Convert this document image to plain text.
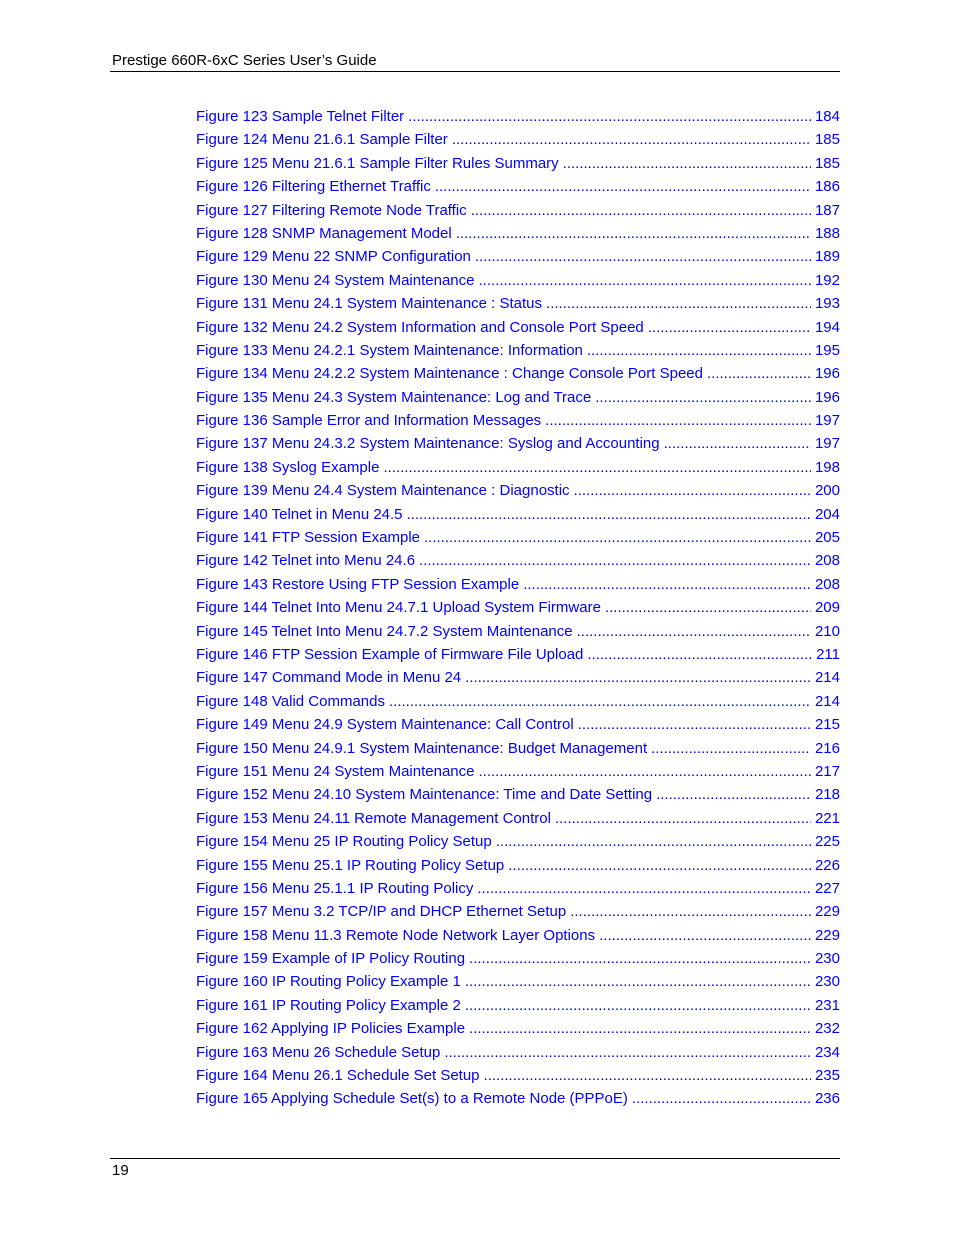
Prestige 660R-6xC Series User’s Guide
Figure 123 Sample Telnet Filter .....	184
Figure 124 Menu 21.6.1 Sample Filter .....	185
Figure 125 Menu 21.6.1 Sample Filter Rules Summary .....	185
Figure 126 Filtering Ethernet Traffic .....	186
Figure 127 Filtering Remote Node Traffic .....	187
Figure 128 SNMP Management Model .....	188
Figure 129 Menu 22 SNMP Configuration .....	189
Figure 130 Menu 24 System Maintenance .....	192
Figure 131 Menu 24.1 System Maintenance : Status .....	193
Figure 132 Menu 24.2 System Information and Console Port Speed .....	194
Figure 133 Menu 24.2.1 System Maintenance: Information .....	195
Figure 134 Menu 24.2.2 System Maintenance : Change Console Port Speed .....	196
Figure 135 Menu 24.3 System Maintenance: Log and Trace .....	196
Figure 136 Sample Error and Information Messages .....	197
Figure 137 Menu 24.3.2 System Maintenance: Syslog and Accounting .....	197
Figure 138 Syslog Example .....	198
Figure 139 Menu 24.4 System Maintenance : Diagnostic .....	200
Figure 140 Telnet in Menu 24.5 .....	204
Figure 141 FTP Session Example .....	205
Figure 142 Telnet into Menu 24.6 .....	208
Figure 143 Restore Using FTP Session Example .....	208
Figure 144 Telnet Into Menu 24.7.1 Upload System Firmware .....	209
Figure 145 Telnet Into Menu 24.7.2 System Maintenance .....	210
Figure 146 FTP Session Example of Firmware File Upload .....	211
Figure 147 Command Mode in Menu 24 .....	214
Figure 148 Valid Commands .....	214
Figure 149 Menu 24.9 System Maintenance: Call Control .....	215
Figure 150 Menu 24.9.1 System Maintenance: Budget Management .....	216
Figure 151 Menu 24 System Maintenance .....	217
Figure 152 Menu 24.10 System Maintenance: Time and Date Setting .....	218
Figure 153 Menu 24.11 Remote Management Control .....	221
Figure 154 Menu 25 IP Routing Policy Setup .....	225
Figure 155 Menu 25.1 IP Routing Policy Setup .....	226
Figure 156 Menu 25.1.1 IP Routing Policy .....	227
Figure 157 Menu 3.2 TCP/IP and DHCP Ethernet Setup .....	229
Figure 158 Menu 11.3 Remote Node Network Layer Options .....	229
Figure 159 Example of IP Policy Routing .....	230
Figure 160 IP Routing Policy Example 1 .....	230
Figure 161 IP Routing Policy Example 2 .....	231
Figure 162 Applying IP Policies Example .....	232
Figure 163 Menu 26 Schedule Setup .....	234
Figure 164 Menu 26.1 Schedule Set Setup .....	235
Figure 165 Applying Schedule Set(s) to a Remote Node (PPPoE) .....	236
19
